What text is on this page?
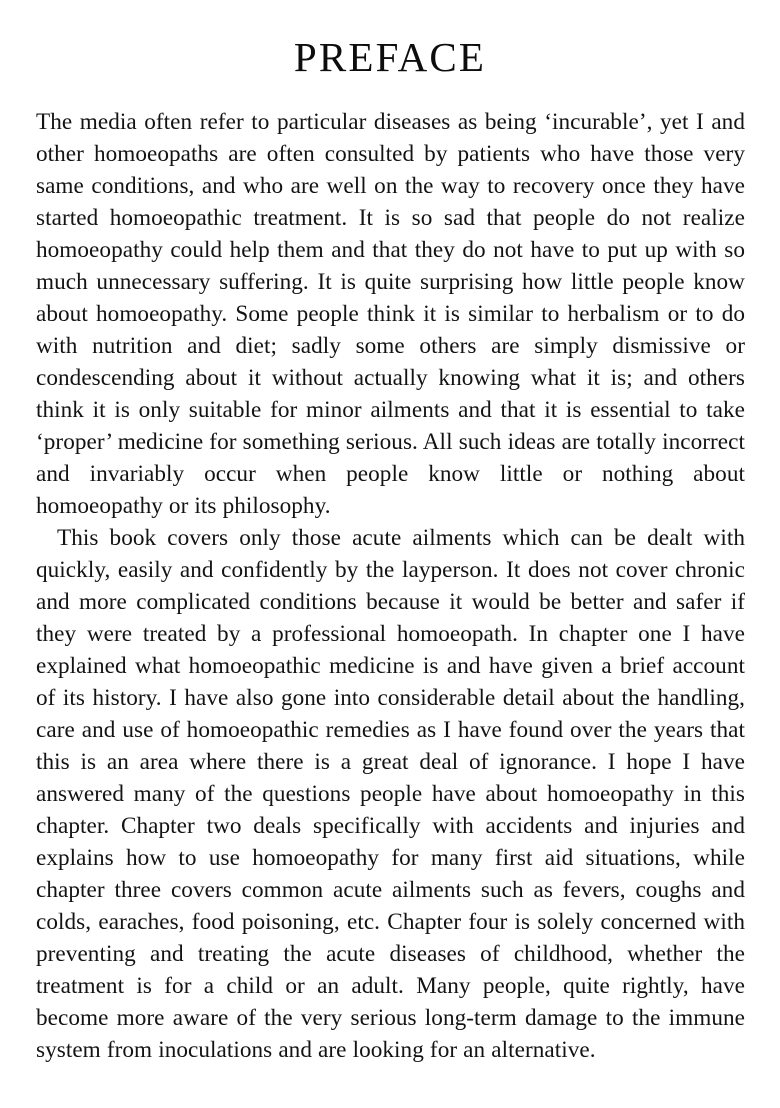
PREFACE

The media often refer to particular diseases as being ‘incurable’, yet I and other homoeopaths are often consulted by patients who have those very same conditions, and who are well on the way to recovery once they have started homoeopathic treatment. It is so sad that people do not realize homoeopathy could help them and that they do not have to put up with so much unnecessary suffering. It is quite surprising how little people know about homoeopathy. Some people think it is similar to herbalism or to do with nutrition and diet; sadly some others are simply dismissive or condescending about it without actually knowing what it is; and others think it is only suitable for minor ailments and that it is essential to take ‘proper’ medicine for something serious. All such ideas are totally incorrect and invariably occur when people know little or nothing about homoeopathy or its philosophy.

This book covers only those acute ailments which can be dealt with quickly, easily and confidently by the layperson. It does not cover chronic and more complicated conditions because it would be better and safer if they were treated by a professional homoeopath. In chapter one I have explained what homoeopathic medicine is and have given a brief account of its history. I have also gone into considerable detail about the handling, care and use of homoeopathic remedies as I have found over the years that this is an area where there is a great deal of ignorance. I hope I have answered many of the questions people have about homoeopathy in this chapter. Chapter two deals specifically with accidents and injuries and explains how to use homoeopathy for many first aid situations, while chapter three covers common acute ailments such as fevers, coughs and colds, earaches, food poisoning, etc. Chapter four is solely concerned with preventing and treating the acute diseases of childhood, whether the treatment is for a child or an adult. Many people, quite rightly, have become more aware of the very serious long-term damage to the immune system from inoculations and are looking for an alternative.
